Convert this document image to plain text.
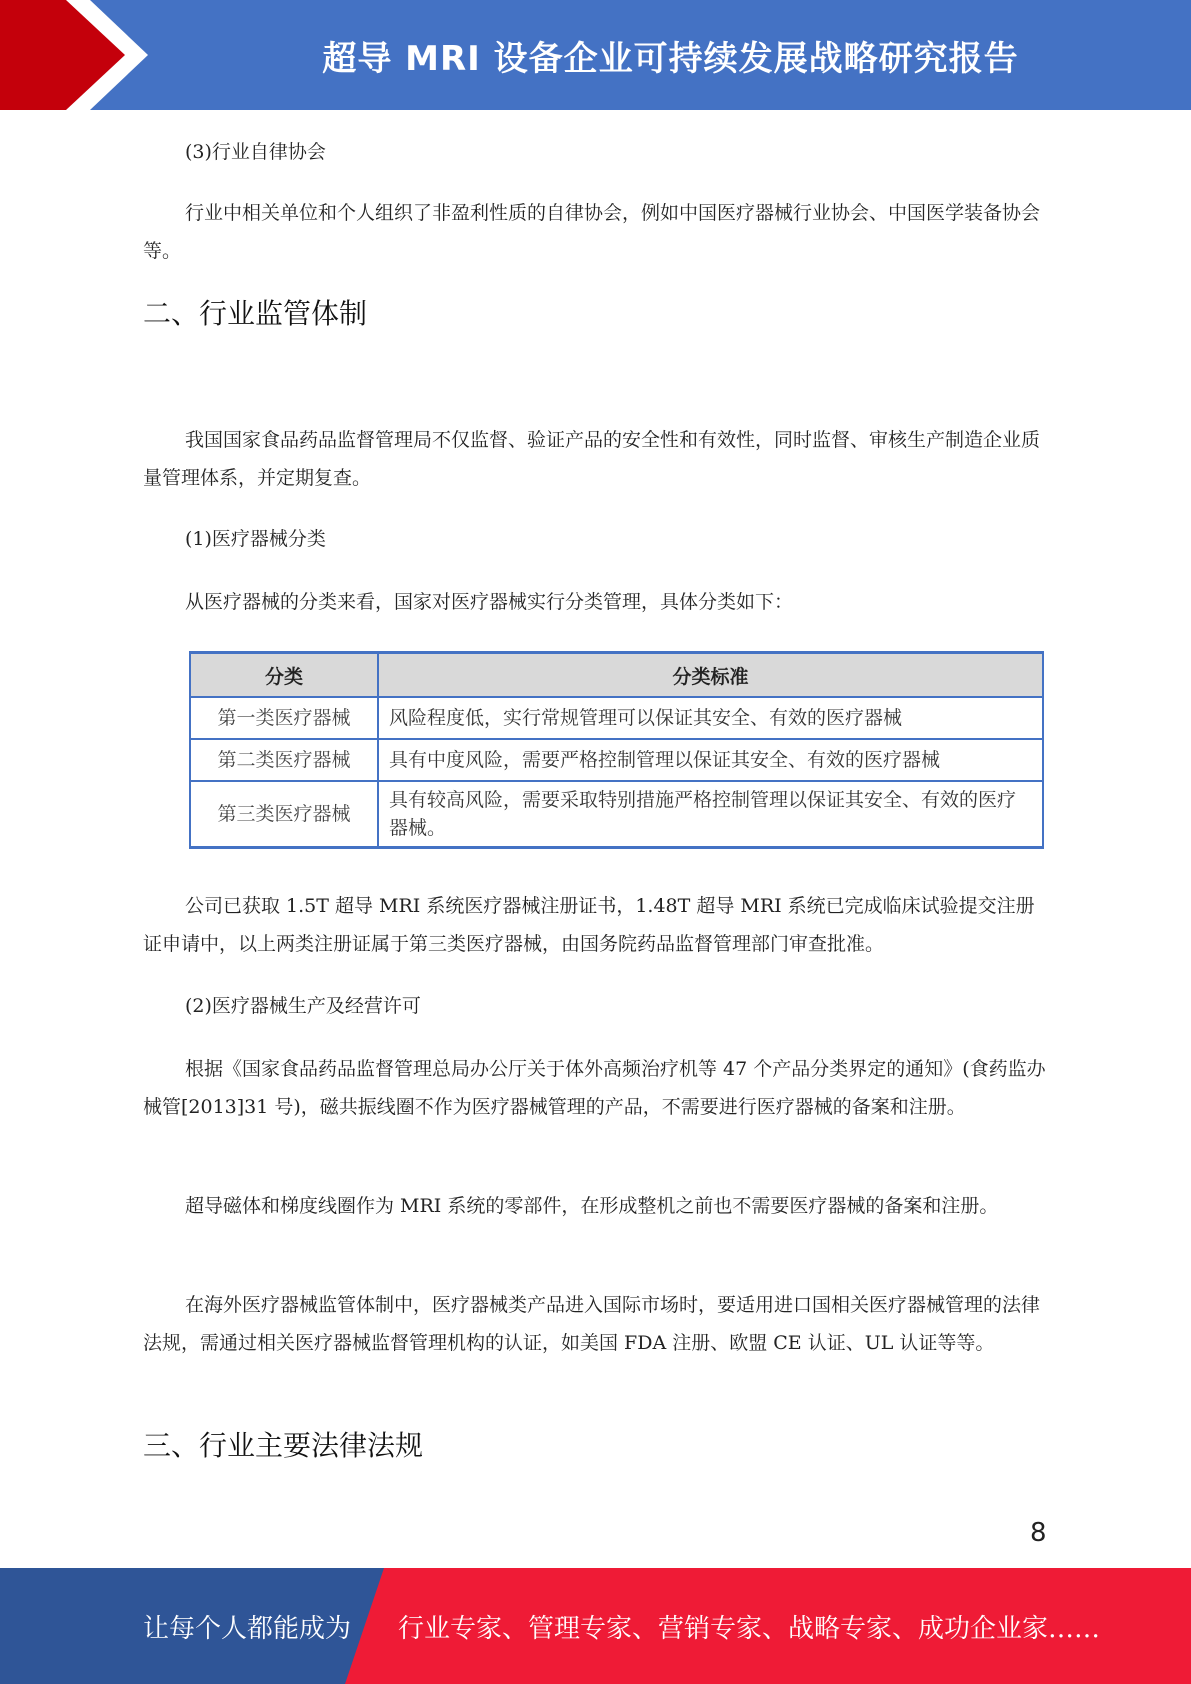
超导 MRI 设备企业可持续发展战略研究报告
(3)行业自律协会
行业中相关单位和个人组织了非盈利性质的自律协会，例如中国医疗器械行业协会、中国医学装备协会等。
二、行业监管体制
我国国家食品药品监督管理局不仅监督、验证产品的安全性和有效性，同时监督、审核生产制造企业质量管理体系，并定期复查。
(1)医疗器械分类
从医疗器械的分类来看，国家对医疗器械实行分类管理，具体分类如下：
分类	分类标准
第一类医疗器械	风险程度低，实行常规管理可以保证其安全、有效的医疗器械
第二类医疗器械	具有中度风险，需要严格控制管理以保证其安全、有效的医疗器械
第三类医疗器械	具有较高风险，需要采取特别措施严格控制管理以保证其安全、有效的医疗器械。
公司已获取 1.5T 超导 MRI 系统医疗器械注册证书，1.48T 超导 MRI 系统已完成临床试验提交注册证申请中，以上两类注册证属于第三类医疗器械，由国务院药品监督管理部门审查批准。
(2)医疗器械生产及经营许可
根据《国家食品药品监督管理总局办公厅关于体外高频治疗机等 47 个产品分类界定的通知》(食药监办械管[2013]31 号)，磁共振线圈不作为医疗器械管理的产品，不需要进行医疗器械的备案和注册。
超导磁体和梯度线圈作为 MRI 系统的零部件，在形成整机之前也不需要医疗器械的备案和注册。
在海外医疗器械监管体制中，医疗器械类产品进入国际市场时，要适用进口国相关医疗器械管理的法律法规，需通过相关医疗器械监督管理机构的认证，如美国 FDA 注册、欧盟 CE 认证、UL 认证等等。
三、行业主要法律法规
8
让每个人都能成为 行业专家、管理专家、营销专家、战略专家、成功企业家……
